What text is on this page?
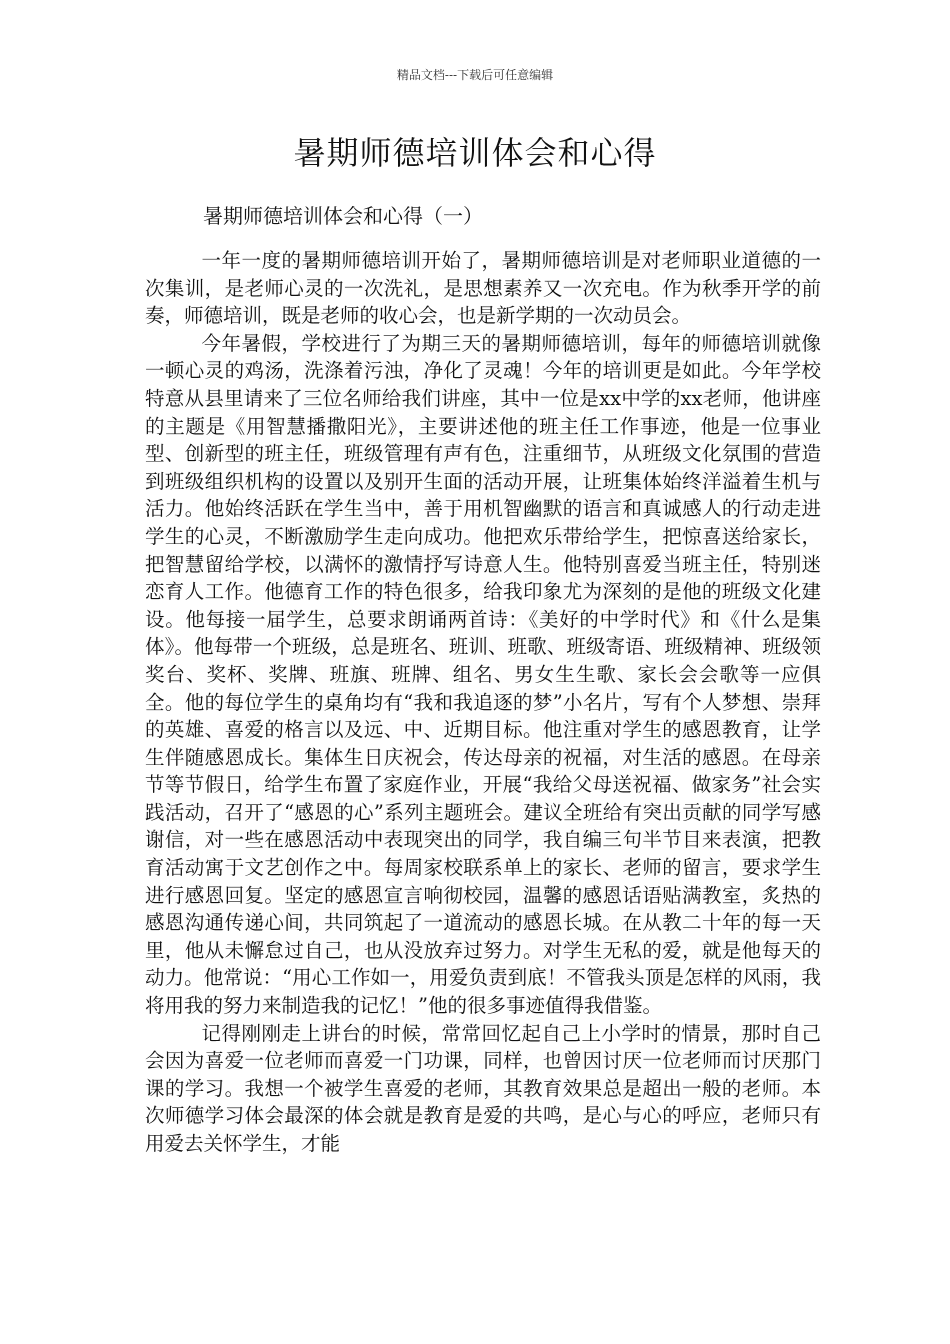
精品文档---下载后可任意编辑
暑期师德培训体会和心得
暑期师德培训体会和心得（一）

一年一度的暑期师德培训开始了，暑期师德培训是对老师职业道德的一次集训，是老师心灵的一次洗礼，是思想素养又一次充电。作为秋季开学的前奏，师德培训，既是老师的收心会，也是新学期的一次动员会。

今年暑假，学校进行了为期三天的暑期师德培训，每年的师德培训就像一顿心灵的鸡汤，洗涤着污浊，净化了灵魂！今年的培训更是如此。今年学校特意从县里请来了三位名师给我们讲座，其中一位是xx中学的xx老师，他讲座的主题是《用智慧播撒阳光》，主要讲述他的班主任工作事迹，他是一位事业型、创新型的班主任，班级管理有声有色，注重细节，从班级文化氛围的营造到班级组织机构的设置以及别开生面的活动开展，让班集体始终洋溢着生机与活力。他始终活跃在学生当中，善于用机智幽默的语言和真诚感人的行动走进学生的心灵，不断激励学生走向成功。他把欢乐带给学生，把惊喜送给家长，把智慧留给学校，以满怀的激情抒写诗意人生。他特别喜爱当班主任，特别迷恋育人工作。他德育工作的特色很多，给我印象尤为深刻的是他的班级文化建设。他每接一届学生，总要求朗诵两首诗：《美好的中学时代》和《什么是集体》。他每带一个班级，总是班名、班训、班歌、班级寄语、班级精神、班级领奖台、奖杯、奖牌、班旗、班牌、组名、男女生生歌、家长会会歌等一应俱全。他的每位学生的桌角均有“我和我追逐的梦”小名片，写有个人梦想、崇拜的英雄、喜爱的格言以及远、中、近期目标。他注重对学生的感恩教育，让学生伴随感恩成长。集体生日庆祝会，传达母亲的祝福，对生活的感恩。在母亲节等节假日，给学生布置了家庭作业，开展“我给父母送祝福、做家务”社会实践活动，召开了“感恩的心”系列主题班会。建议全班给有突出贡献的同学写感谢信，对一些在感恩活动中表现突出的同学，我自编三句半节目来表演，把教育活动寓于文艺创作之中。每周家校联系单上的家长、老师的留言，要求学生进行感恩回复。坚定的感恩宣言响彻校园，温馨的感恩话语贴满教室，炙热的感恩沟通传递心间，共同筑起了一道流动的感恩长城。在从教二十年的每一天里，他从未懈怠过自己，也从没放弃过努力。对学生无私的爱，就是他每天的动力。他常说：“用心工作如一，用爱负责到底！不管我头顶是怎样的风雨，我将用我的努力来制造我的记忆！”他的很多事迹值得我借鉴。

记得刚刚走上讲台的时候，常常回忆起自己上小学时的情景，那时自己会因为喜爱一位老师而喜爱一门功课，同样，也曾因讨厌一位老师而讨厌那门课的学习。我想一个被学生喜爱的老师，其教育效果总是超出一般的老师。本次师德学习体会最深的体会就是教育是爱的共鸣，是心与心的呼应，老师只有用爱去关怀学生，才能
